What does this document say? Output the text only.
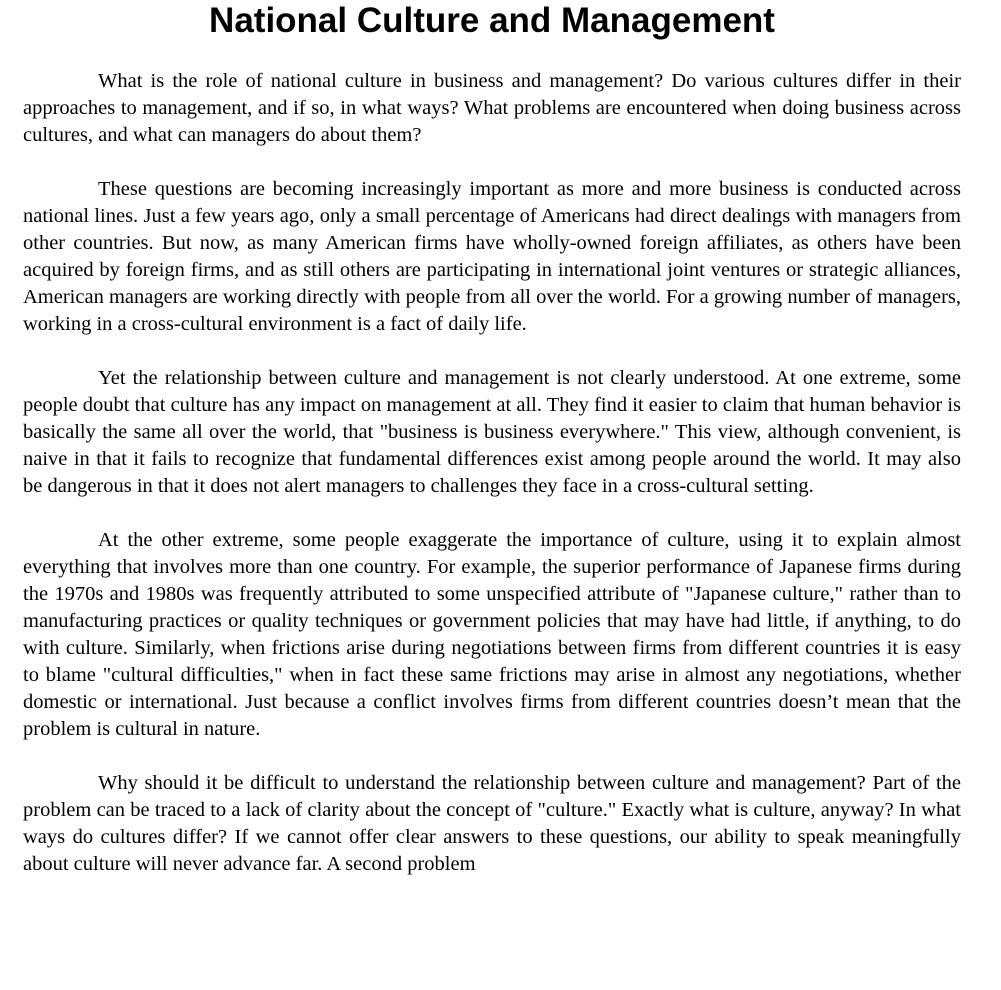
National Culture and Management

What is the role of national culture in business and management? Do various cultures differ in their approaches to management, and if so, in what ways? What problems are encountered when doing business across cultures, and what can managers do about them?

These questions are becoming increasingly important as more and more business is conducted across national lines. Just a few years ago, only a small percentage of Americans had direct dealings with managers from other countries. But now, as many American firms have wholly-owned foreign affiliates, as others have been acquired by foreign firms, and as still others are participating in international joint ventures or strategic alliances, American managers are working directly with people from all over the world. For a growing number of managers, working in a cross-cultural environment is a fact of daily life.

Yet the relationship between culture and management is not clearly understood. At one extreme, some people doubt that culture has any impact on management at all. They find it easier to claim that human behavior is basically the same all over the world, that "business is business everywhere." This view, although convenient, is naive in that it fails to recognize that fundamental differences exist among people around the world. It may also be dangerous in that it does not alert managers to challenges they face in a cross-cultural setting.

At the other extreme, some people exaggerate the importance of culture, using it to explain almost everything that involves more than one country. For example, the superior performance of Japanese firms during the 1970s and 1980s was frequently attributed to some unspecified attribute of "Japanese culture," rather than to manufacturing practices or quality techniques or government policies that may have had little, if anything, to do with culture. Similarly, when frictions arise during negotiations between firms from different countries it is easy to blame "cultural difficulties," when in fact these same frictions may arise in almost any negotiations, whether domestic or international. Just because a conflict involves firms from different countries doesn’t mean that the problem is cultural in nature.

Why should it be difficult to understand the relationship between culture and management? Part of the problem can be traced to a lack of clarity about the concept of "culture." Exactly what is culture, anyway? In what ways do cultures differ? If we cannot offer clear answers to these questions, our ability to speak meaningfully about culture will never advance far. A second problem
